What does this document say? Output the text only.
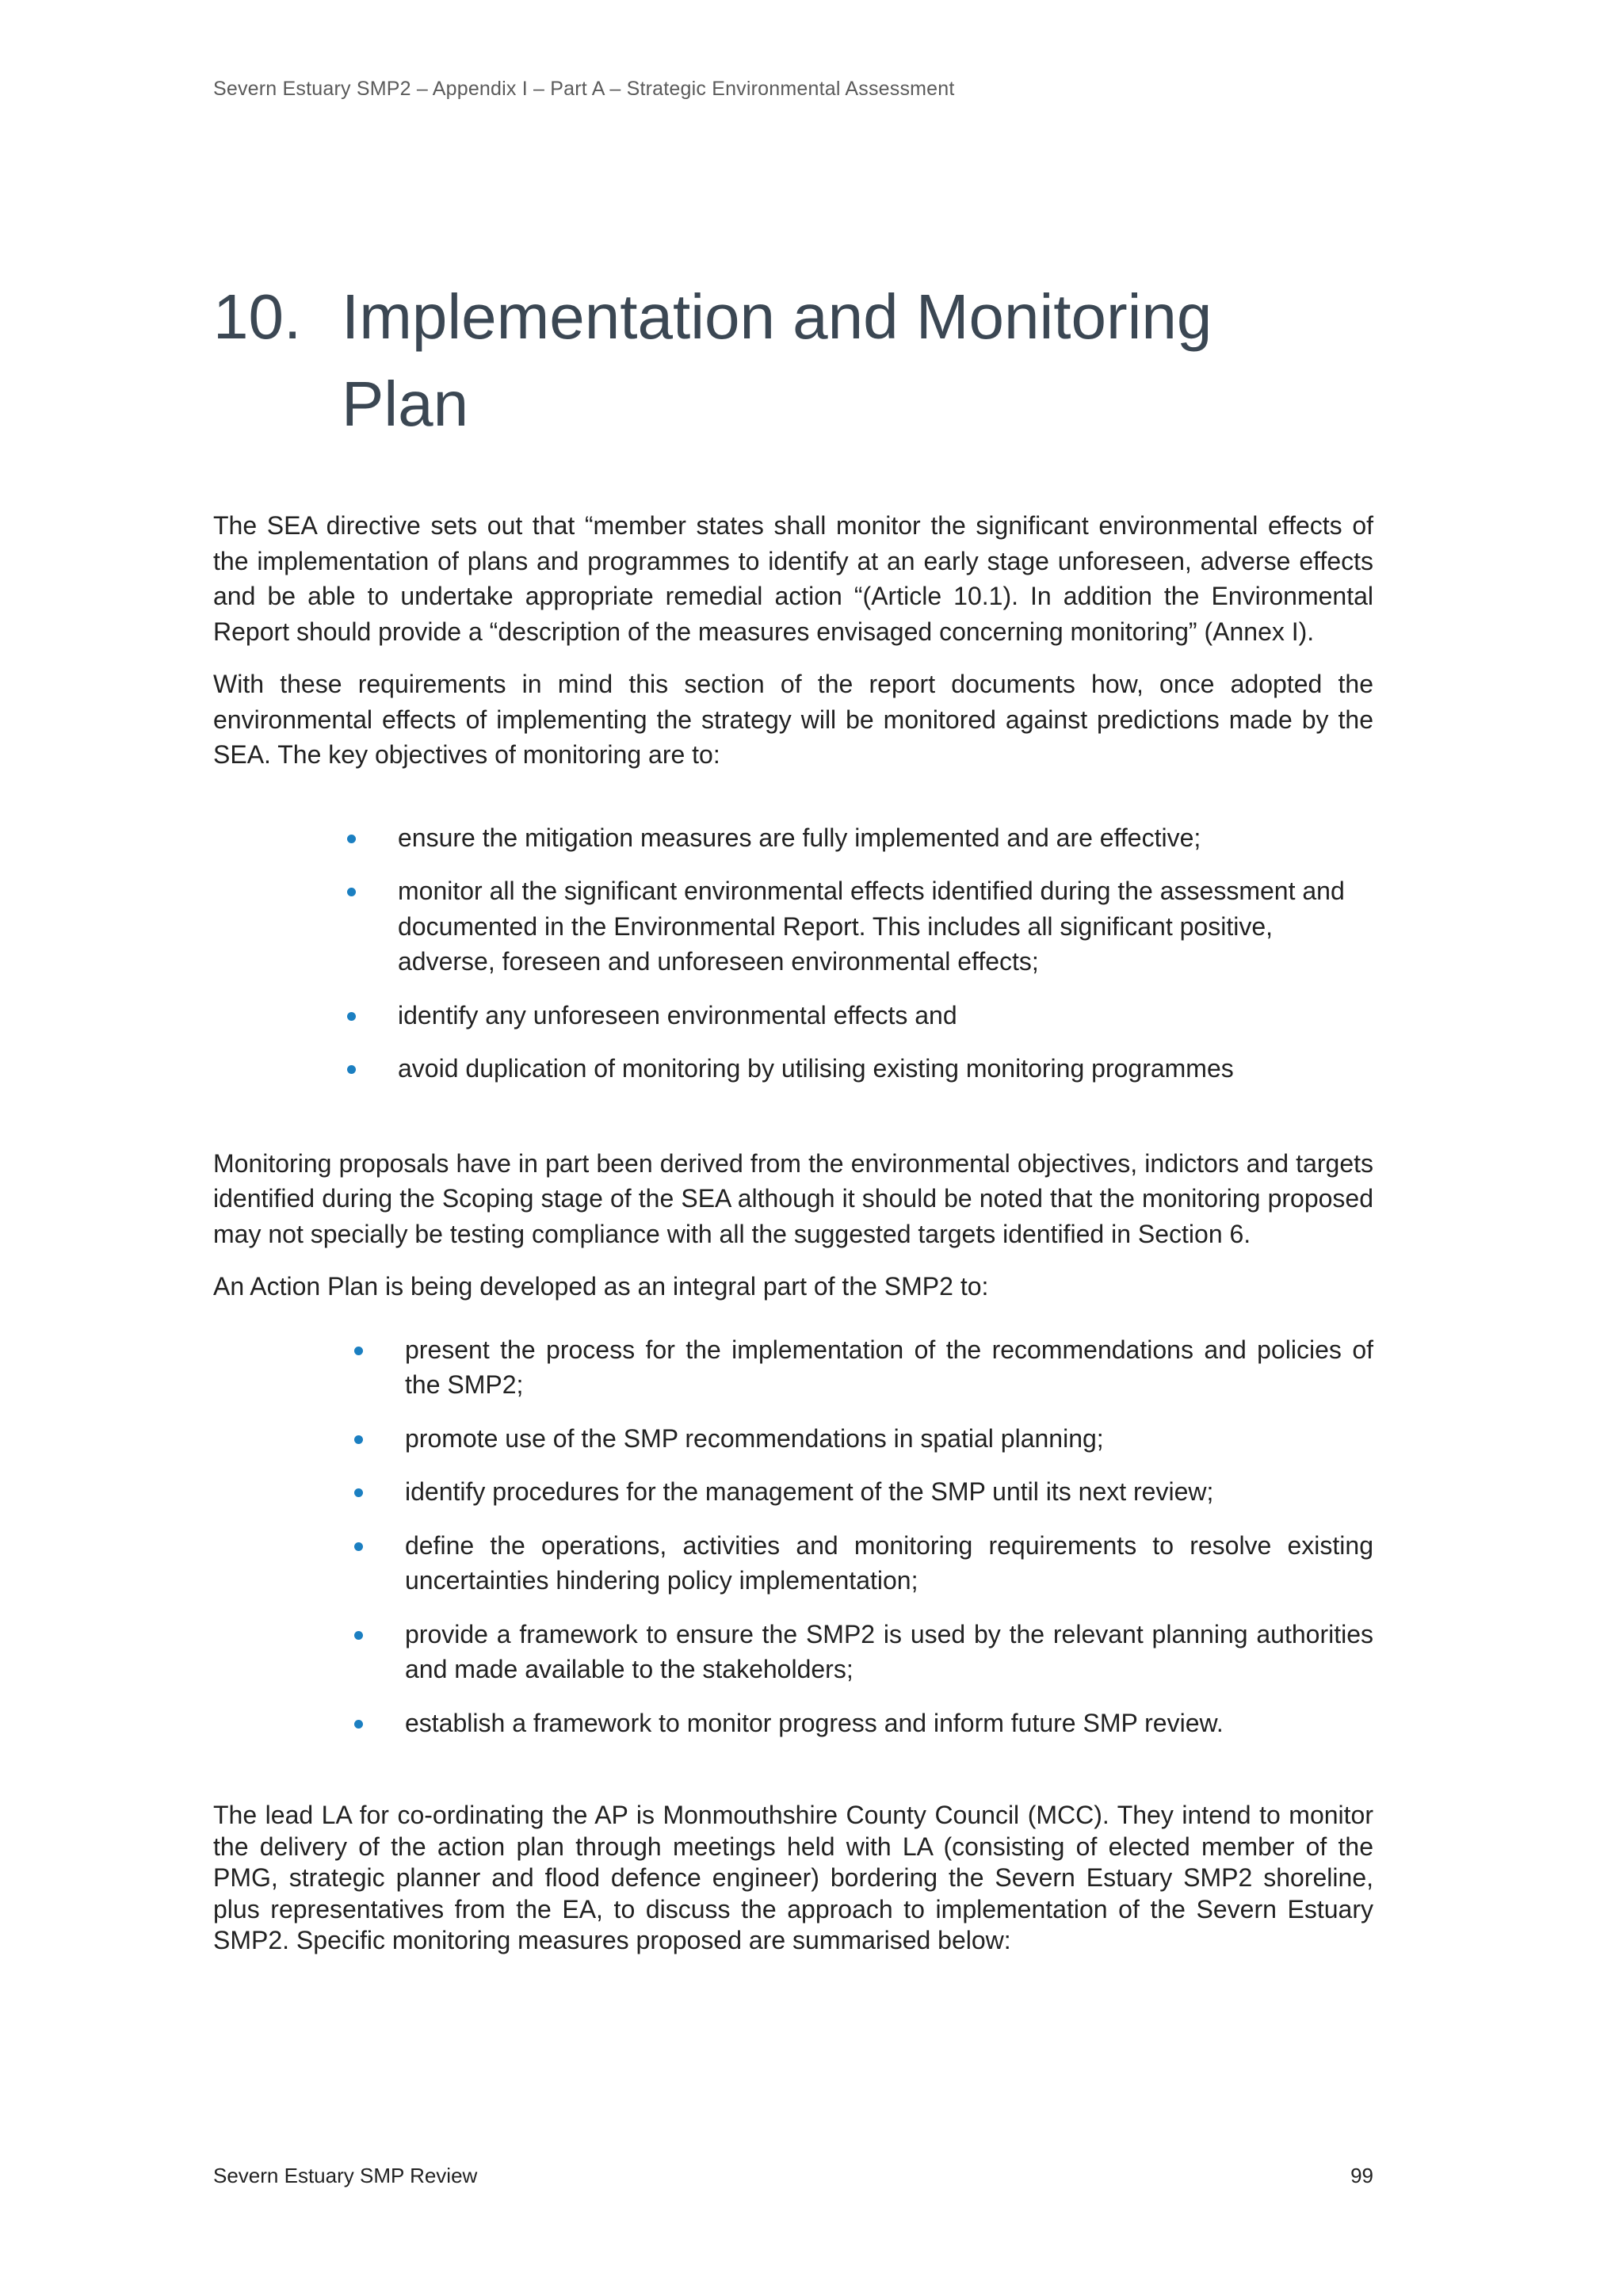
Severn Estuary SMP2 – Appendix I – Part A – Strategic Environmental Assessment
10. Implementation and Monitoring Plan

The SEA directive sets out that “member states shall monitor the significant environmental effects of the implementation of plans and programmes to identify at an early stage unforeseen, adverse effects and be able to undertake appropriate remedial action “(Article 10.1). In addition the Environmental Report should provide a “description of the measures envisaged concerning monitoring” (Annex I).

With these requirements in mind this section of the report documents how, once adopted the environmental effects of implementing the strategy will be monitored against predictions made by the SEA. The key objectives of monitoring are to:

ensure the mitigation measures are fully implemented and are effective;
monitor all the significant environmental effects identified during the assessment and documented in the Environmental Report. This includes all significant positive, adverse, foreseen and unforeseen environmental effects;
identify any unforeseen environmental effects and
avoid duplication of monitoring by utilising existing monitoring programmes

Monitoring proposals have in part been derived from the environmental objectives, indictors and targets identified during the Scoping stage of the SEA although it should be noted that the monitoring proposed may not specially be testing compliance with all the suggested targets identified in Section 6.

An Action Plan is being developed as an integral part of the SMP2 to:

present the process for the implementation of the recommendations and policies of the SMP2;
promote use of the SMP recommendations in spatial planning;
identify procedures for the management of the SMP until its next review;
define the operations, activities and monitoring requirements to resolve existing uncertainties hindering policy implementation;
provide a framework to ensure the SMP2 is used by the relevant planning authorities and made available to the stakeholders;
establish a framework to monitor progress and inform future SMP review.

The lead LA for co-ordinating the AP is Monmouthshire County Council (MCC). They intend to monitor the delivery of the action plan through meetings held with LA (consisting of elected member of the PMG, strategic planner and flood defence engineer) bordering the Severn Estuary SMP2 shoreline, plus representatives from the EA, to discuss the approach to implementation of the Severn Estuary SMP2. Specific monitoring measures proposed are summarised below:

Severn Estuary SMP Review	99
